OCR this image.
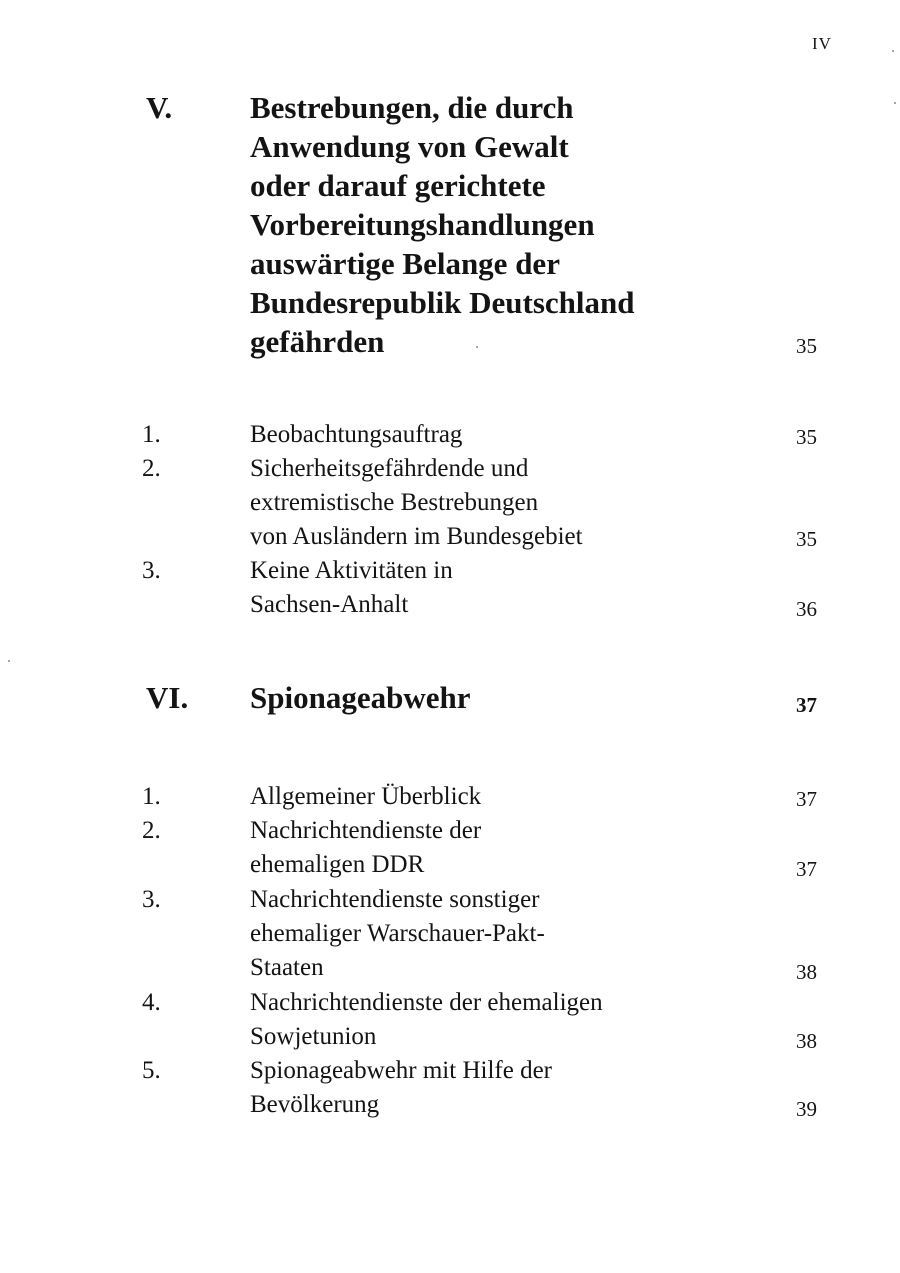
IV
V.	Bestrebungen, die durch
Anwendung von Gewalt
oder darauf gerichtete
Vorbereitungshandlungen
auswärtige Belange der
Bundesrepublik Deutschland
gefährden	35
1.	Beobachtungsauftrag	35
2.	Sicherheitsgefährdende und
extremistische Bestrebungen
von Ausländern im Bundesgebiet	35
3.	Keine Aktivitäten in
Sachsen-Anhalt	36
VI. Spionageabwehr	37
1.	Allgemeiner Überblick	37
2.	Nachrichtendienste der
ehemaligen DDR	37
3.	Nachrichtendienste sonstiger
ehemaliger Warschauer-Pakt-
Staaten	38
4.	Nachrichtendienste der ehemaligen
Sowjetunion	38
5.	Spionageabwehr mit Hilfe der
Bevölkerung	39
